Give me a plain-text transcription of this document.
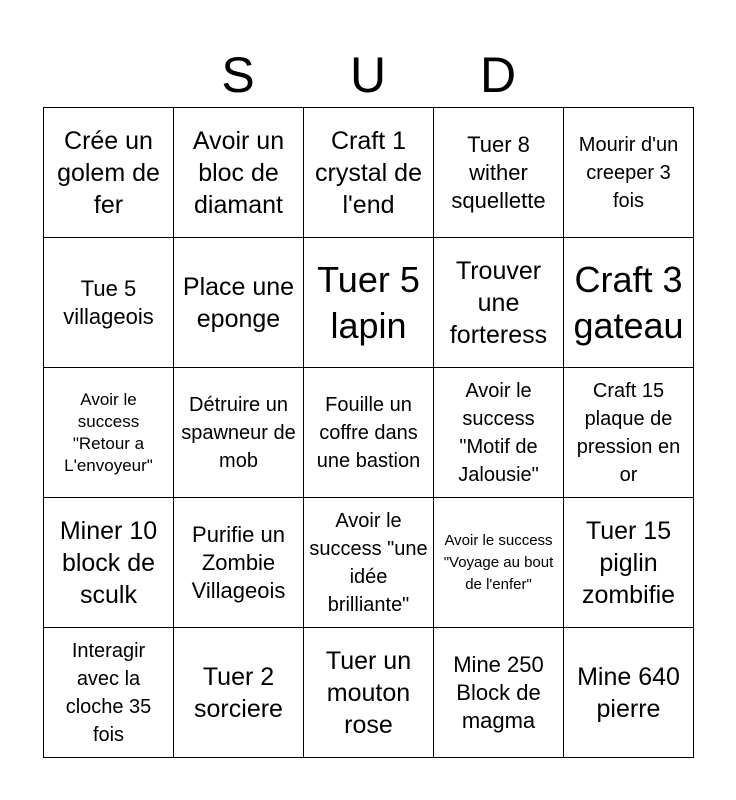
S	U	D
Crée un golem de fer	Avoir un bloc de diamant	Craft 1 crystal de l'end	Tuer 8 wither squellette	Mourir d'un creeper 3 fois

Tue 5 villageois	Place une eponge	Tuer 5 lapin	Trouver une forteress	Craft 3 gateau

Avoir le success "Retour a L'envoyeur"	Détruire un spawneur de mob	Fouille un coffre dans une bastion	Avoir le success "Motif de Jalousie"	Craft 15 plaque de pression en or

Miner 10 block de sculk	Purifie un Zombie Villageois	Avoir le success "une idée brilliante"	Avoir le success "Voyage au bout de l'enfer"	Tuer 15 piglin zombifie

Interagir avec la cloche 35 fois	Tuer 2 sorciere	Tuer un mouton rose	Mine 250 Block de magma	Mine 640 pierre
